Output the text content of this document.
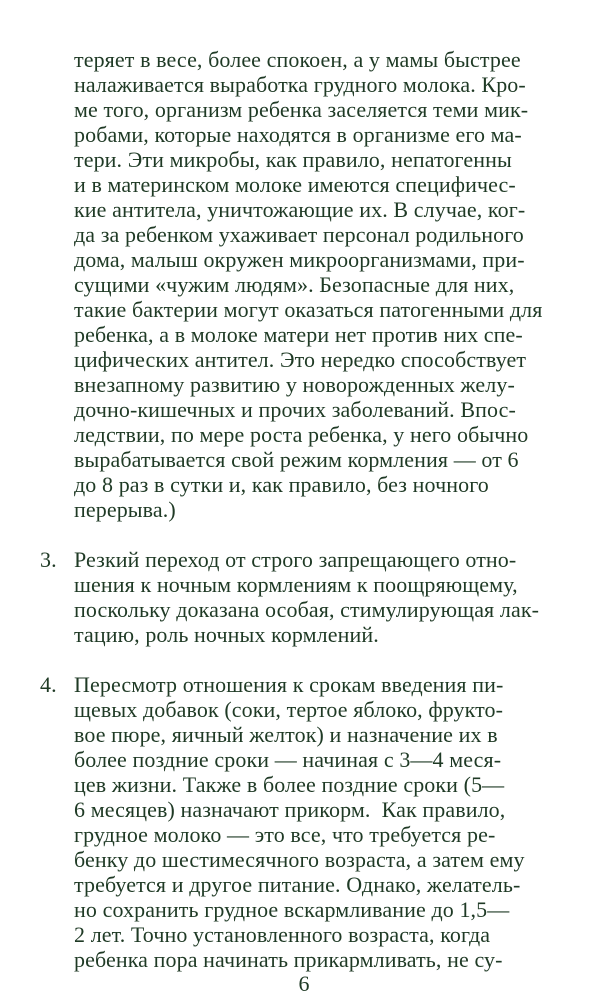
теряет в весе, более спокоен, а у мамы быстрее
налаживается выработка грудного молока. Кро-
ме того, организм ребенка заселяется теми мик-
робами, которые находятся в организме его ма-
тери. Эти микробы, как правило, непатогенны
и в материнском молоке имеются специфичес-
кие антитела, уничтожающие их. В случае, ког-
да за ребенком ухаживает персонал родильного
дома, малыш окружен микроорганизмами, при-
сущими «чужим людям». Безопасные для них,
такие бактерии могут оказаться патогенными для
ребенка, а в молоке матери нет против них спе-
цифических антител. Это нередко способствует
внезапному развитию у новорожденных желу-
дочно-кишечных и прочих заболеваний. Впос-
ледствии, по мере роста ребенка, у него обычно
вырабатывается свой режим кормления — от 6
до 8 раз в сутки и, как правило, без ночного
перерыва.)
3. Резкий переход от строго запрещающего отно-
шения к ночным кормлениям к поощряющему,
поскольку доказана особая, стимулирующая лак-
тацию, роль ночных кормлений.
4. Пересмотр отношения к срокам введения пи-
щевых добавок (соки, тертое яблоко, фрукто-
вое пюре, яичный желток) и назначение их в
более поздние сроки — начиная с 3—4 меся-
цев жизни. Также в более поздние сроки (5—
6 месяцев) назначают прикорм.  Как правило,
грудное молоко — это все, что требуется ре-
бенку до шестимесячного возраста, а затем ему
требуется и другое питание. Однако, желатель-
но сохранить грудное вскармливание до 1,5—
2 лет. Точно установленного возраста, когда
ребенка пора начинать прикармливать, не су-
6
